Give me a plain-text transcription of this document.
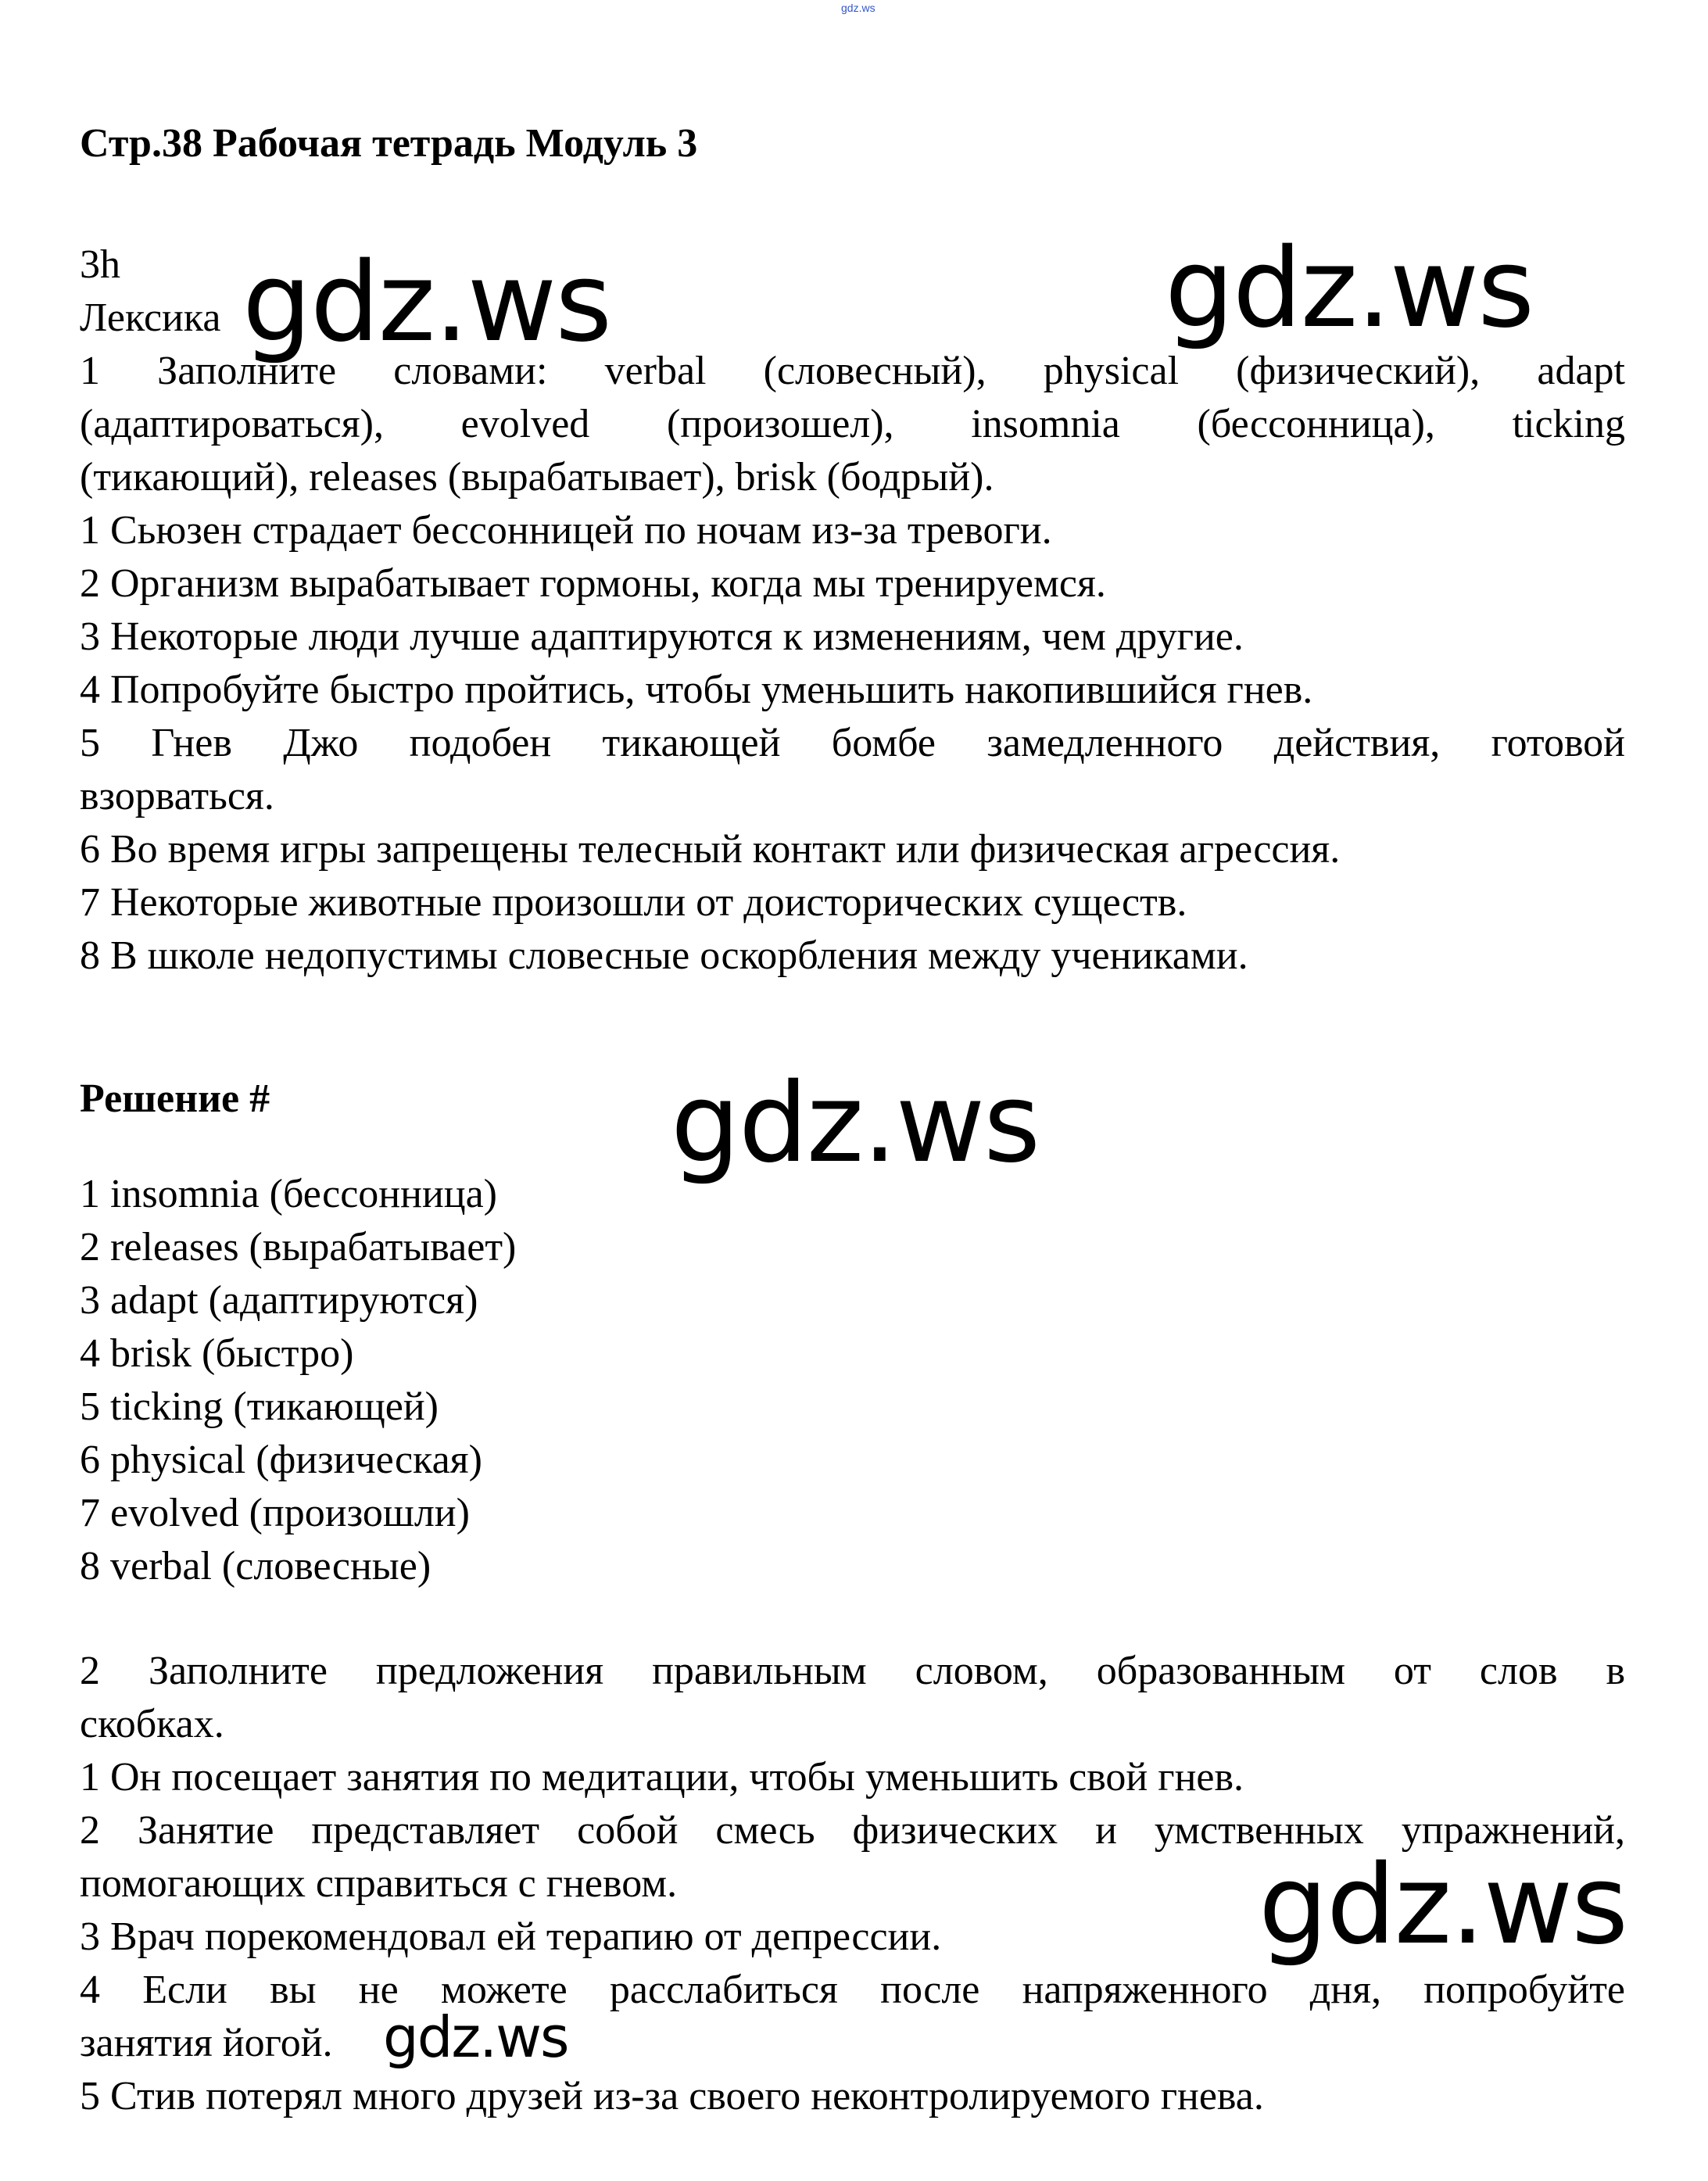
gdz.ws
Стр.38 Рабочая тетрадь Модуль 3
3h
Лексика
1 Заполните словами: verbal (словесный), physical (физический), adapt
(адаптироваться), evolved (произошел), insomnia (бессонница), ticking
(тикающий), releases (вырабатывает), brisk (бодрый).
1 Сьюзен страдает бессонницей по ночам из-за тревоги.
2 Организм вырабатывает гормоны, когда мы тренируемся.
3 Некоторые люди лучше адаптируются к изменениям, чем другие.
4 Попробуйте быстро пройтись, чтобы уменьшить накопившийся гнев.
5 Гнев Джо подобен тикающей бомбе замедленного действия, готовой
взорваться.
6 Во время игры запрещены телесный контакт или физическая агрессия.
7 Некоторые животные произошли от доисторических существ.
8 В школе недопустимы словесные оскорбления между учениками.
Решение #
1 insomnia (бессонница)
2 releases (вырабатывает)
3 adapt (адаптируются)
4 brisk (быстро)
5 ticking (тикающей)
6 physical (физическая)
7 evolved (произошли)
8 verbal (словесные)
2 Заполните предложения правильным словом, образованным от слов в
скобках.
1 Он посещает занятия по медитации, чтобы уменьшить свой гнев.
2 Занятие представляет собой смесь физических и умственных упражнений,
помогающих справиться с гневом.
3 Врач порекомендовал ей терапию от депрессии.
4 Если вы не можете расслабиться после напряженного дня, попробуйте
занятия йогой.
5 Стив потерял много друзей из-за своего неконтролируемого гнева.
gdz.ws	gdz.ws
gdz.ws
gdz.ws
gdz.ws
